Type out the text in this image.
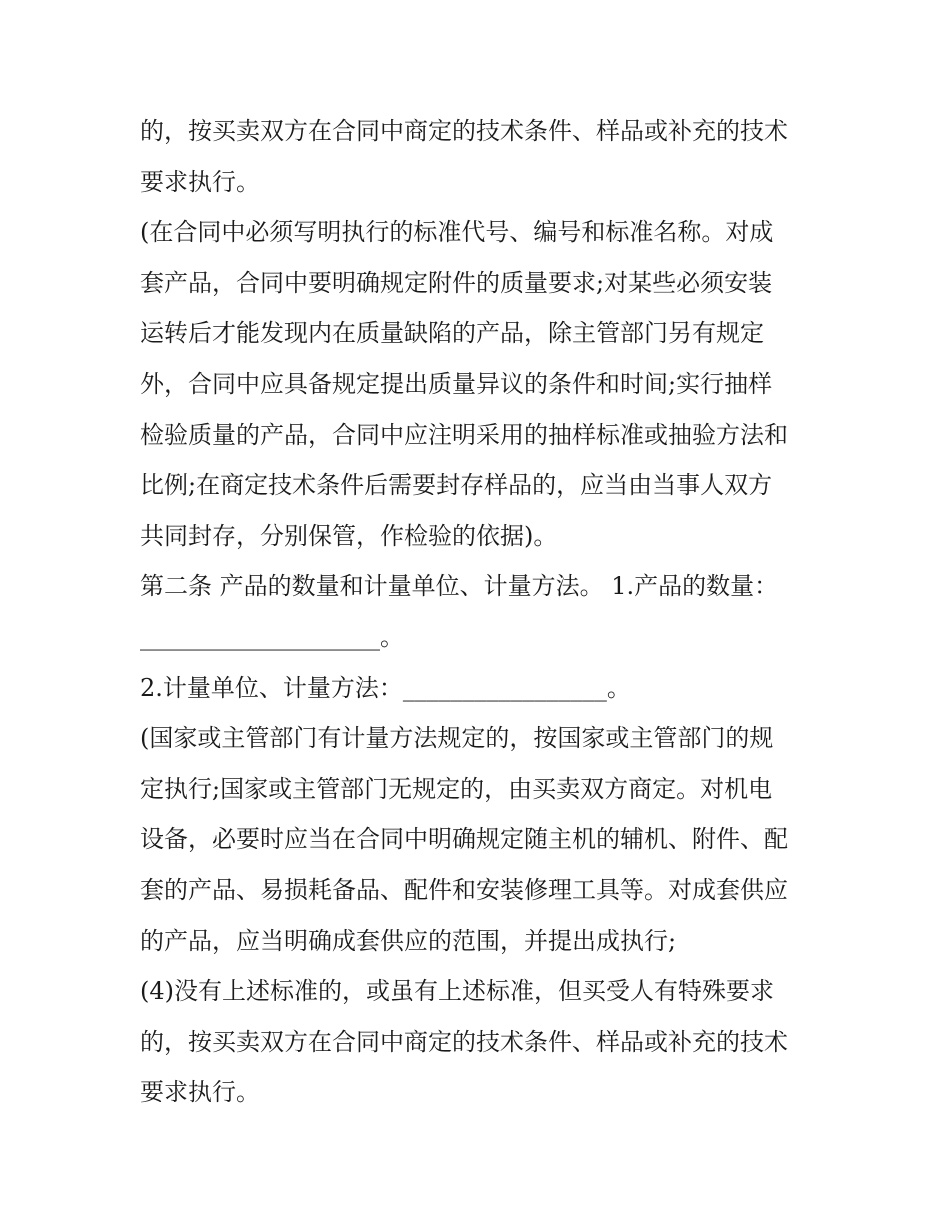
的，按买卖双方在合同中商定的技术条件、样品或补充的技术
要求执行。
(在合同中必须写明执行的标准代号、编号和标准名称。对成
套产品，合同中要明确规定附件的质量要求;对某些必须安装
运转后才能发现内在质量缺陷的产品，除主管部门另有规定
外，合同中应具备规定提出质量异议的条件和时间;实行抽样
检验质量的产品，合同中应注明采用的抽样标准或抽验方法和
比例;在商定技术条件后需要封存样品的，应当由当事人双方
共同封存，分别保管，作检验的依据)。
第二条 产品的数量和计量单位、计量方法。 1.产品的数量：
____________________。
2.计量单位、计量方法：_________________。
(国家或主管部门有计量方法规定的，按国家或主管部门的规
定执行;国家或主管部门无规定的，由买卖双方商定。对机电
设备，必要时应当在合同中明确规定随主机的辅机、附件、配
套的产品、易损耗备品、配件和安装修理工具等。对成套供应
的产品，应当明确成套供应的范围，并提出成执行;
(4)没有上述标准的，或虽有上述标准，但买受人有特殊要求
的，按买卖双方在合同中商定的技术条件、样品或补充的技术
要求执行。
